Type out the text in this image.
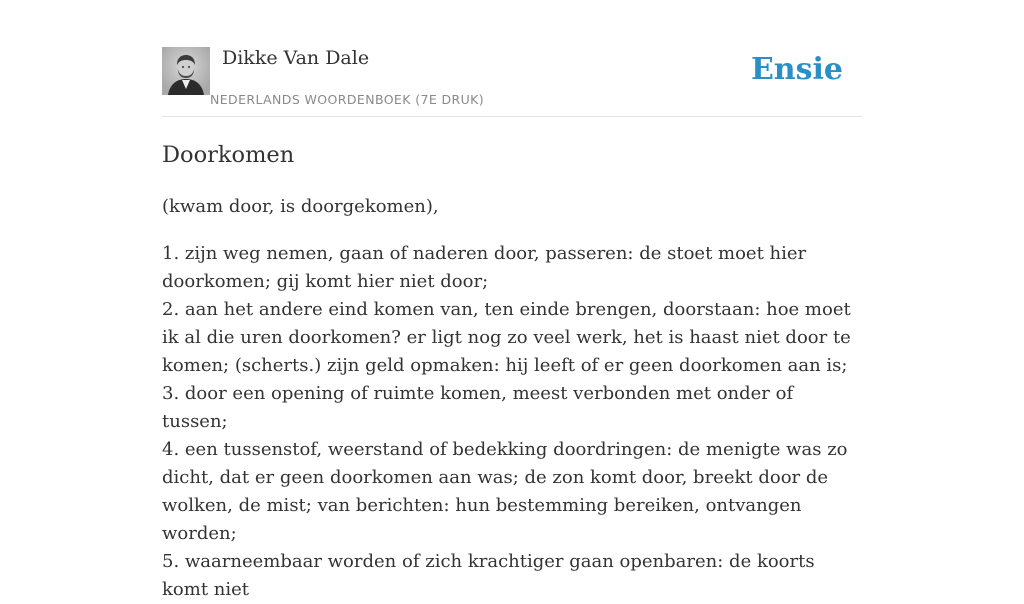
Dikke Van Dale
NEDERLANDS WOORDENBOEK (7E DRUK)
Ensie
Doorkomen

(kwam door, is doorgekomen),

1. zijn weg nemen, gaan of naderen door, passeren: de stoet moet hier doorkomen; gij komt hier niet door;

2. aan het andere eind komen van, ten einde brengen, doorstaan: hoe moet ik al die uren doorkomen? er ligt nog zo veel werk, het is haast niet door te komen; (scherts.) zijn geld opmaken: hij leeft of er geen doorkomen aan is;

3. door een opening of ruimte komen, meest verbonden met onder of tussen;

4. een tussenstof, weerstand of bedekking doordringen: de menigte was zo dicht, dat er geen doorkomen aan was; de zon komt door, breekt door de wolken, de mist; van berichten: hun bestemming bereiken, ontvangen worden;

5. waarneembaar worden of zich krachtiger gaan openbaren: de koorts komt niet
